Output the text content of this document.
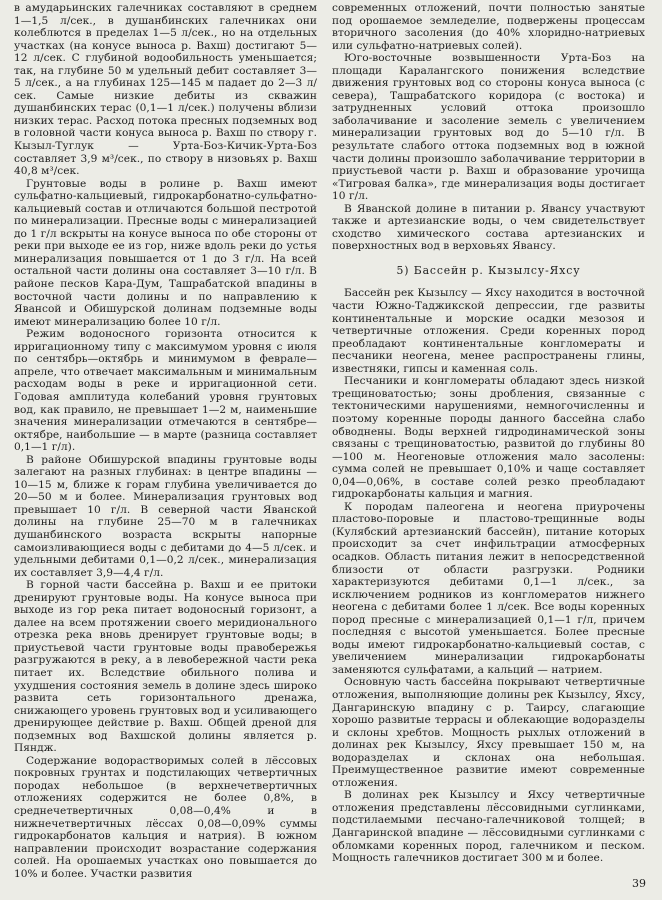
в амударьинских галечниках составляют в среднем 1—1,5 л/сек., в душанбинских галечниках они колеблются в пределах 1—5 л/сек., но на отдельных участках (на конусе выноса р. Вахш) достигают 5—12 л/сек. С глубиной водообильность уменьшается; так, на глубине 50 м удельный дебит составляет 3—5 л/сек., а на глубинах 125—145 м падает до 2—3 л/сек. Самые низкие дебиты из скважин душанбинских терас (0,1—1 л/сек.) получены вблизи низких терас. Расход потока пресных подземных вод в головной части конуса выноса р. Вахш по створу г. Кызыл-Туглук — Урта-Боз-Кичик-Урта-Боз составляет 3,9 м³/сек., по створу в низовьях р. Вахш 40,8 м³/сек.

Грунтовые воды в ролине р. Вахш имеют сульфатно-кальциевый, гидрокарбонатно-сульфатно-кальциевый состав и отличаются большой пестротой по минерализации. Пресные воды с минерализацией до 1 г/л вскрыты на конусе выноса по обе стороны от реки при выходе ее из гор, ниже вдоль реки до устья минерализация повышается от 1 до 3 г/л. На всей остальной части долины она составляет 3—10 г/л. В районе песков Кара-Дум, Ташрабатской впадины в восточной части долины и по направлению к Явансой и Обишурской долинам подземные воды имеют минерализацию более 10 г/л.

Режим водоносного горизонта относится к ирригационному типу с максимумом уровня с июля по сентябрь—октябрь и минимумом в феврале—апреле, что отвечает максимальным и минимальным расходам воды в реке и ирригационной сети. Годовая амплитуда колебаний уровня грунтовых вод, как правило, не превышает 1—2 м, наименьшие значения минерализации отмечаются в сентябре—октябре, наибольшие — в марте (разница составляет 0,1—1 г/л).

В районе Обишурской впадины грунтовые воды залегают на разных глубинах: в центре впадины — 10—15 м, ближе к горам глубина увеличивается до 20—50 м и более. Минерализация грунтовых вод превышает 10 г/л. В северной части Яванской долины на глубине 25—70 м в галечниках душанбинского возраста вскрыты напорные самоизливающиеся воды с дебитами до 4—5 л/сек. и удельными дебитами 0,1—0,2 л/сек., минерализация их составляет 3,9—4,4 г/л.

В горной части бассейна р. Вахш и ее притоки дренируют грунтовые воды. На конусе выноса при выходе из гор река питает водоносный горизонт, а далее на всем протяжении своего меридионального отрезка река вновь дренирует грунтовые воды; в приустьевой части грунтовые воды правобережья разгружаются в реку, а в левобережной части река питает их. Вследствие обильного полива и ухудшения состояния земель в долине здесь широко развита сеть горизонтального дренажа, снижающего уровень грунтовых вод и усиливающего дренирующее действие р. Вахш. Общей дреной для подземных вод Вахшской долины является р. Пяндж.

Содержание водорастворимых солей в лёссовых покровных грунтах и подстилающих четвертичных породах небольшое (в верхнечетвертичных отложениях содержится не более 0,8%, в среднечетвертичных 0,08—0,4% и в нижнечетвертичных лёссах 0,08—0,09% суммы гидрокарбонатов кальция и натрия). В южном направлении происходит возрастание содержания солей. На орошаемых участках оно повышается до 10% и более. Участки развития

современных отложений, почти полностью занятые под орошаемое земледелие, подвержены процессам вторичного засоления (до 40% хлоридно-натриевых или сульфатно-натриевых солей).

Юго-восточные возвышенности Урта-Боз на площади Каралангского понижения вследствие движения грунтовых вод со стороны конуса выноса (с севера), Ташрабатского коридора (с востока) и затрудненных условий оттока произошло заболачивание и засоление земель с увеличением минерализации грунтовых вод до 5—10 г/л. В результате слабого оттока подземных вод в южной части долины произошло заболачивание территории в приустьевой части р. Вахш и образование урочища «Тигровая балка», где минерализация воды достигает 10 г/л.

В Яванской долине в питании р. Явансу участвуют также и артезианские воды, о чем свидетельствует сходство химического состава артезианских и поверхностных вод в верховьях Явансу.

5) Бассейн р. Кызылсу-Яхсу

Бассейн рек Кызылсу — Яхсу находится в восточной части Южно-Таджикской депрессии, где развиты континентальные и морские осадки мезозоя и четвертичные отложения. Среди коренных пород преобладают континентальные конгломераты и песчаники неогена, менее распространены глины, известняки, гипсы и каменная соль.

Песчаники и конгломераты обладают здесь низкой трещиноватостью; зоны дробления, связанные с тектоническими нарушениями, немногочисленны и поэтому коренные породы данного бассейна слабо обводнены. Воды верхней гидродинамической зоны связаны с трещиноватостью, развитой до глубины 80—100 м. Неогеновые отложения мало засолены: сумма солей не превышает 0,10% и чаще составляет 0,04—0,06%, в составе солей резко преобладают гидрокарбонаты кальция и магния.

К породам палеогена и неогена приурочены пластово-поровые и пластово-трещинные воды (Кулябский артезианский бассейн), питание которых происходит за счет инфильтрации атмосферных осадков. Область питания лежит в непосредственной близости от области разгрузки. Родники характеризуются дебитами 0,1—1 л/сек., за исключением родников из конгломератов нижнего неогена с дебитами более 1 л/сек. Все воды коренных пород пресные с минерализацией 0,1—1 г/л, причем последняя с высотой уменьшается. Более пресные воды имеют гидрокарбонатно-кальциевый состав, с увеличением минерализации гидрокарбонаты заменяются сульфатами, а кальций — натрием.

Основную часть бассейна покрывают четвертичные отложения, выполняющие долины рек Кызылсу, Яхсу, Дангаринскую впадину с р. Таирсу, слагающие хорошо развитые террасы и облекающие водоразделы и склоны хребтов. Мощность рыхлых отложений в долинах рек Кызылсу, Яхсу превышает 150 м, на водоразделах и склонах она небольшая. Преимущественное развитие имеют современные отложения.

В долинах рек Кызылсу и Яхсу четвертичные отложения представлены лёссовидными суглинками, подстилаемыми песчано-галечниковой толщей; в Дангаринской впадине — лёссовидными суглинками с обломками коренных пород, галечником и песком. Мощность галечников достигает 300 м и более.

39
